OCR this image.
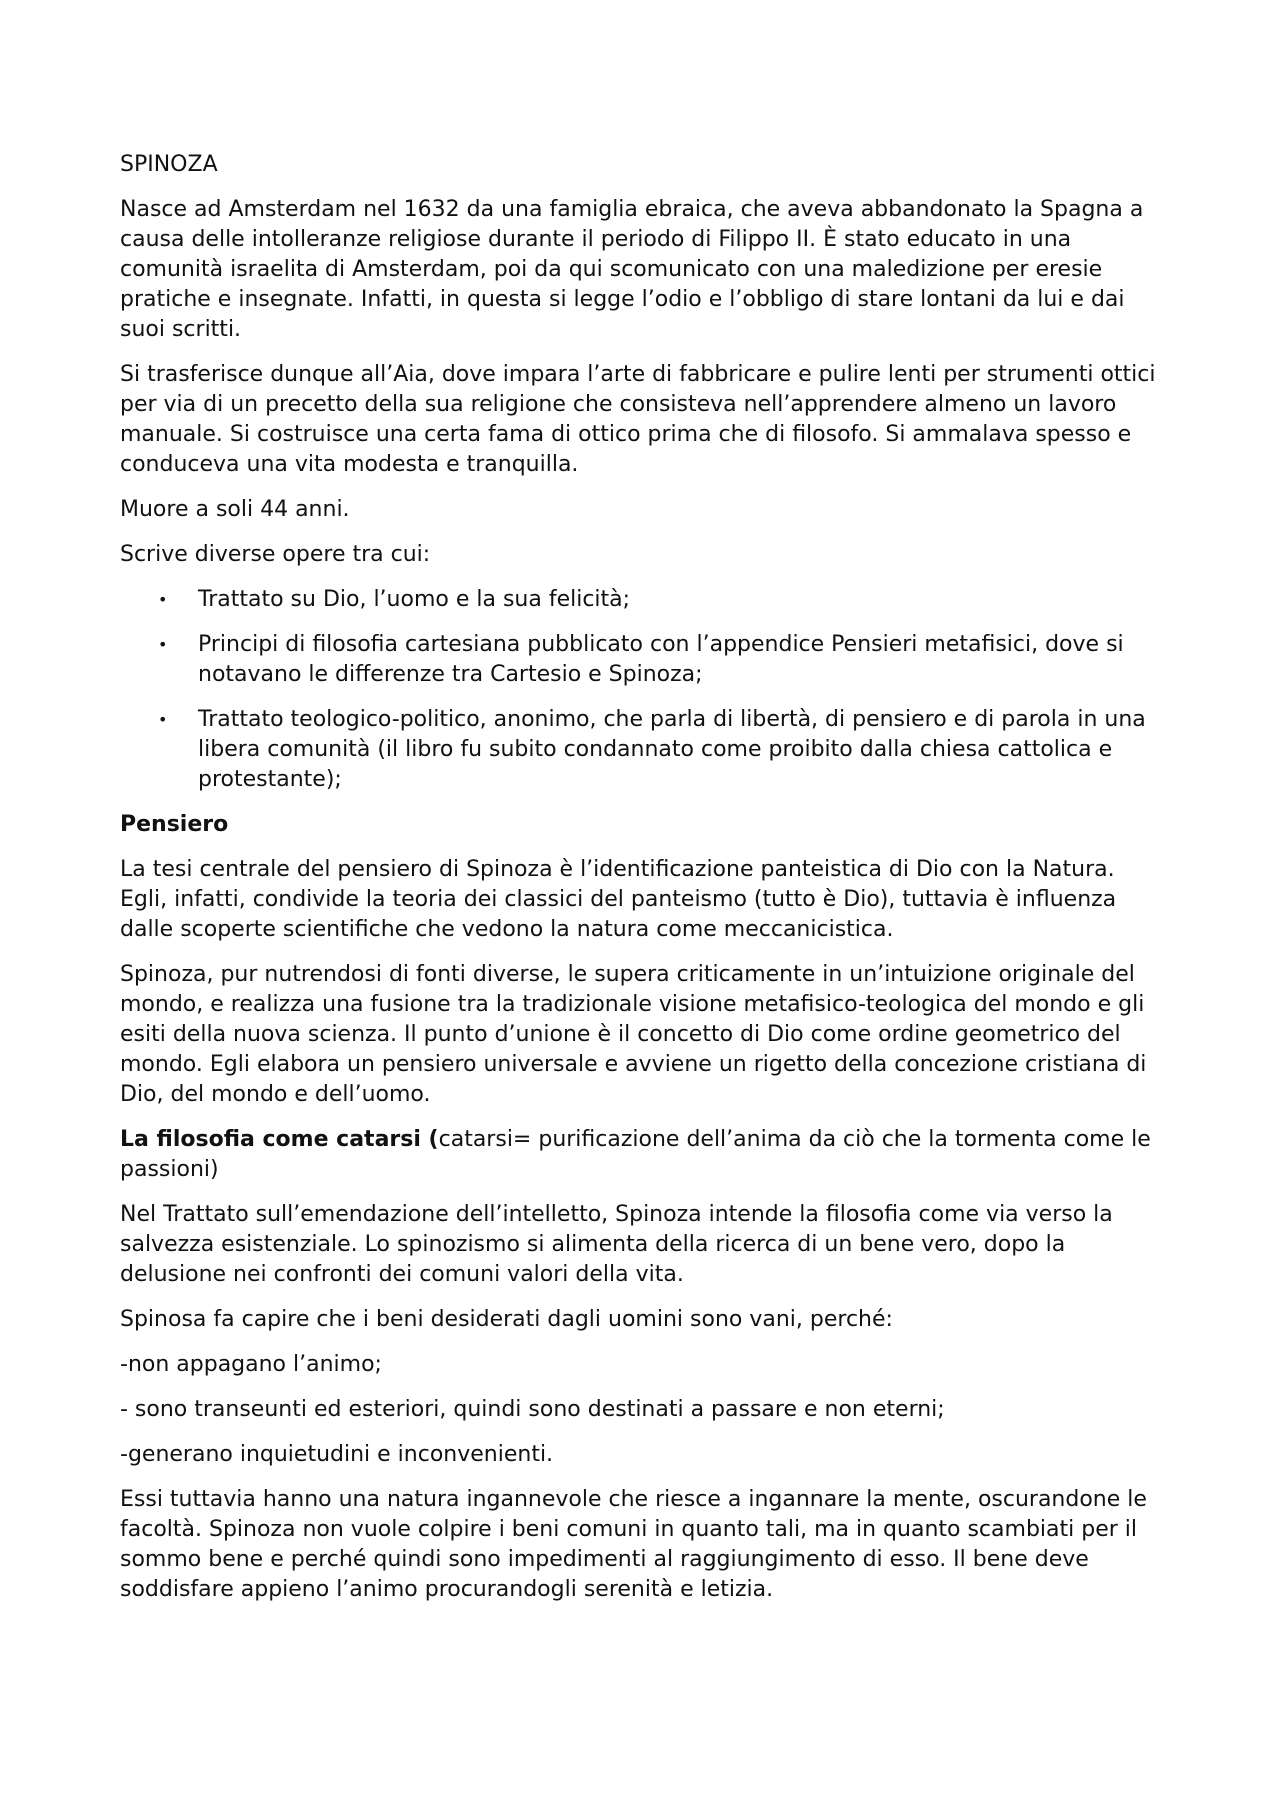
SPINOZA

Nasce ad Amsterdam nel 1632 da una famiglia ebraica, che aveva abbandonato la Spagna a causa delle intolleranze religiose durante il periodo di Filippo II. È stato educato in una comunità israelita di Amsterdam, poi da qui scomunicato con una maledizione per eresie pratiche e insegnate. Infatti, in questa si legge l’odio e l’obbligo di stare lontani da lui e dai suoi scritti.

Si trasferisce dunque all’Aia, dove impara l’arte di fabbricare e pulire lenti per strumenti ottici per via di un precetto della sua religione che consisteva nell’apprendere almeno un lavoro manuale. Si costruisce una certa fama di ottico prima che di filosofo. Si ammalava spesso e conduceva una vita modesta e tranquilla.

Muore a soli 44 anni.

Scrive diverse opere tra cui:

• Trattato su Dio, l’uomo e la sua felicità;
• Principi di filosofia cartesiana pubblicato con l’appendice Pensieri metafisici, dove si notavano le differenze tra Cartesio e Spinoza;
• Trattato teologico-politico, anonimo, che parla di libertà, di pensiero e di parola in una libera comunità (il libro fu subito condannato come proibito dalla chiesa cattolica e protestante);

Pensiero

La tesi centrale del pensiero di Spinoza è l’identificazione panteistica di Dio con la Natura. Egli, infatti, condivide la teoria dei classici del panteismo (tutto è Dio), tuttavia è influenza dalle scoperte scientifiche che vedono la natura come meccanicistica.

Spinoza, pur nutrendosi di fonti diverse, le supera criticamente in un’intuizione originale del mondo, e realizza una fusione tra la tradizionale visione metafisico-teologica del mondo e gli esiti della nuova scienza. Il punto d’unione è il concetto di Dio come ordine geometrico del mondo. Egli elabora un pensiero universale e avviene un rigetto della concezione cristiana di Dio, del mondo e dell’uomo.

La filosofia come catarsi (catarsi= purificazione dell’anima da ciò che la tormenta come le passioni)

Nel Trattato sull’emendazione dell’intelletto, Spinoza intende la filosofia come via verso la salvezza esistenziale. Lo spinozismo si alimenta della ricerca di un bene vero, dopo la delusione nei confronti dei comuni valori della vita.

Spinosa fa capire che i beni desiderati dagli uomini sono vani, perché:

-non appagano l’animo;

- sono transeunti ed esteriori, quindi sono destinati a passare e non eterni;

-generano inquietudini e inconvenienti.

Essi tuttavia hanno una natura ingannevole che riesce a ingannare la mente, oscurandone le facoltà. Spinoza non vuole colpire i beni comuni in quanto tali, ma in quanto scambiati per il sommo bene e perché quindi sono impedimenti al raggiungimento di esso. Il bene deve soddisfare appieno l’animo procurandogli serenità e letizia.
